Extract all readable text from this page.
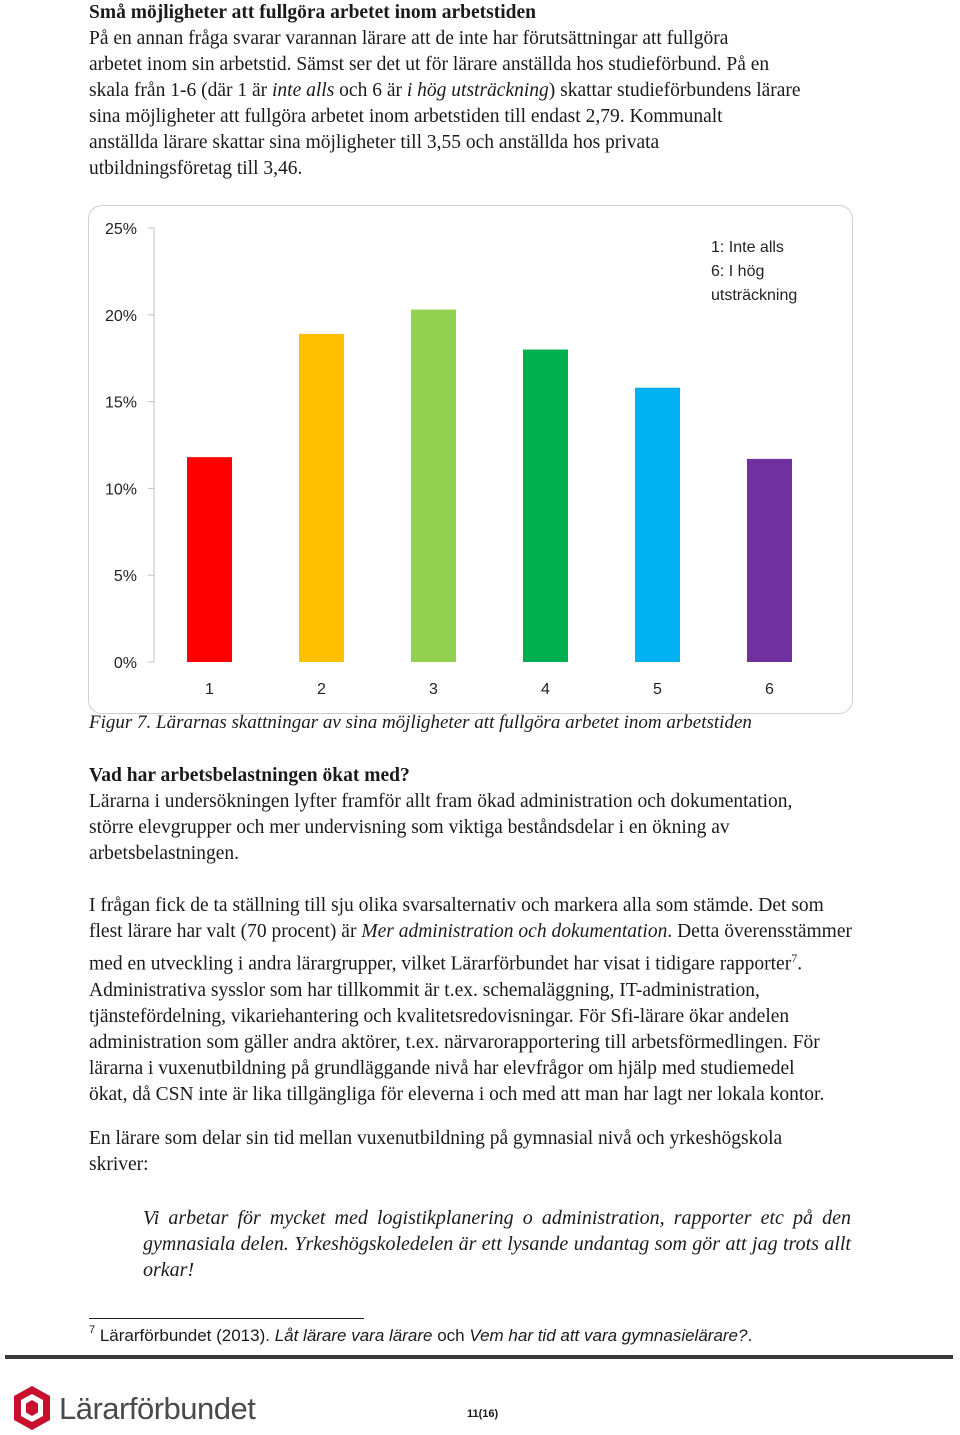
Små möjligheter att fullgöra arbetet inom arbetstiden
På en annan fråga svarar varannan lärare att de inte har förutsättningar att fullgöra
arbetet inom sin arbetstid. Sämst ser det ut för lärare anställda hos studieförbund. På en
skala från 1-6 (där 1 är inte alls och 6 är i hög utsträckning) skattar studieförbundens lärare
sina möjligheter att fullgöra arbetet inom arbetstiden till endast 2,79. Kommunalt
anställda lärare skattar sina möjligheter till 3,55 och anställda hos privata
utbildningsföretag till 3,46.
0%
5%
10%
15%
20%
25%
1	2	3	4	5	6
1: Inte alls
6: I hög
utsträckning
Figur 7. Lärarnas skattningar av sina möjligheter att fullgöra arbetet inom arbetstiden
Vad har arbetsbelastningen ökat med?
Lärarna i undersökningen lyfter framför allt fram ökad administration och dokumentation,
större elevgrupper och mer undervisning som viktiga beståndsdelar i en ökning av
arbetsbelastningen.
I frågan fick de ta ställning till sju olika svarsalternativ och markera alla som stämde. Det som
flest lärare har valt (70 procent) är Mer administration och dokumentation. Detta överensstämmer
med en utveckling i andra lärargrupper, vilket Lärarförbundet har visat i tidigare rapporter$^7$.
Administrativa sysslor som har tillkommit är t.ex. schemaläggning, IT-administration,
tjänstefördelning, vikariehantering och kvalitetsredovisningar. För Sfi-lärare ökar andelen
administration som gäller andra aktörer, t.ex. närvarorapportering till arbetsförmedlingen. För
lärarna i vuxenutbildning på grundläggande nivå har elevfrågor om hjälp med studiemedel
ökat, då CSN inte är lika tillgängliga för eleverna i och med att man har lagt ner lokala kontor.
En lärare som delar sin tid mellan vuxenutbildning på gymnasial nivå och yrkeshögskola
skriver:
Vi arbetar för mycket med logistikplanering o administration, rapporter etc på den
gymnasiala delen. Yrkeshögskoledelen är ett lysande undantag som gör att jag trots allt
orkar!
$^7$ Lärarförbundet (2013). Låt lärare vara lärare och Vem har tid att vara gymnasielärare?.
Lärarförbundet	11(16)
